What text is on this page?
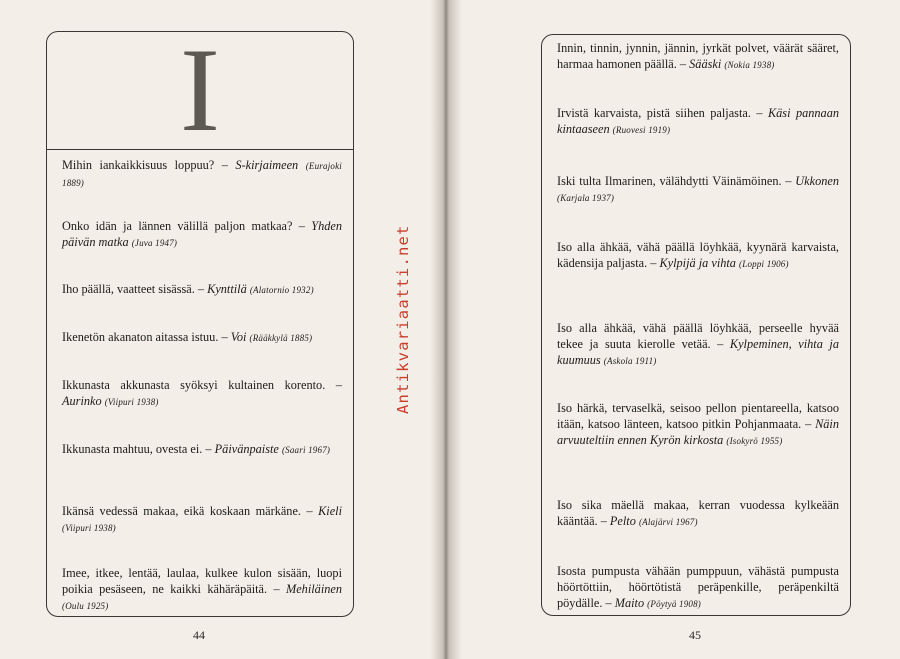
I
Mihin iankaikkisuus loppuu? – S-kirjaimeen (Eurajoki 1889)
Onko idän ja lännen välillä paljon matkaa? – Yhden päivän matka (Juva 1947)
Iho päällä, vaatteet sisässä. – Kynttilä (Alatornio 1932)
Ikenetön akanaton aitassa istuu. – Voi (Rääkkylä 1885)
Ikkunasta akkunasta syöksyi kultainen korento. – Aurinko (Viipuri 1938)
Ikkunasta mahtuu, ovesta ei. – Päivänpaiste (Saari 1967)
Ikänsä vedessä makaa, eikä koskaan märkäne. – Kieli (Viipuri 1938)
Imee, itkee, lentää, laulaa, kulkee kulon sisään, luopi poikia pesäseen, ne kaikki kähäräpäitä. – Mehiläinen (Oulu 1925)
44
Innin, tinnin, jynnin, jännin, jyrkät polvet, väärät sääret, harmaa hamonen päällä. – Sääski (Nokia 1938)
Irvistä karvaista, pistä siihen paljasta. – Käsi pannaan kintaaseen (Ruovesi 1919)
Iski tulta Ilmarinen, välähdytti Väinämöinen. – Ukkonen (Karjala 1937)
Iso alla ähkää, vähä päällä löyhkää, kyynärä karvaista, kädensija paljasta. – Kylpijä ja vihta (Loppi 1906)
Iso alla ähkää, vähä päällä löyhkää, perseelle hyvää tekee ja suuta kierolle vetää. – Kylpeminen, vihta ja kuumuus (Askola 1911)
Iso härkä, tervaselkä, seisoo pellon pientareella, katsoo itään, katsoo länteen, katsoo pitkin Pohjanmaata. – Näin arvuuteltiin ennen Kyrön kirkosta (Isokyrö 1955)
Iso sika mäellä makaa, kerran vuodessa kylkeään kääntää. – Pelto (Alajärvi 1967)
Isosta pumpusta vähään pumppuun, vähästä pumpusta höörtöttiin, höörtötistä peräpenkille, peräpenkiltä pöydälle. – Maito (Pöytyä 1908)
45
Antikvariaatti.net
